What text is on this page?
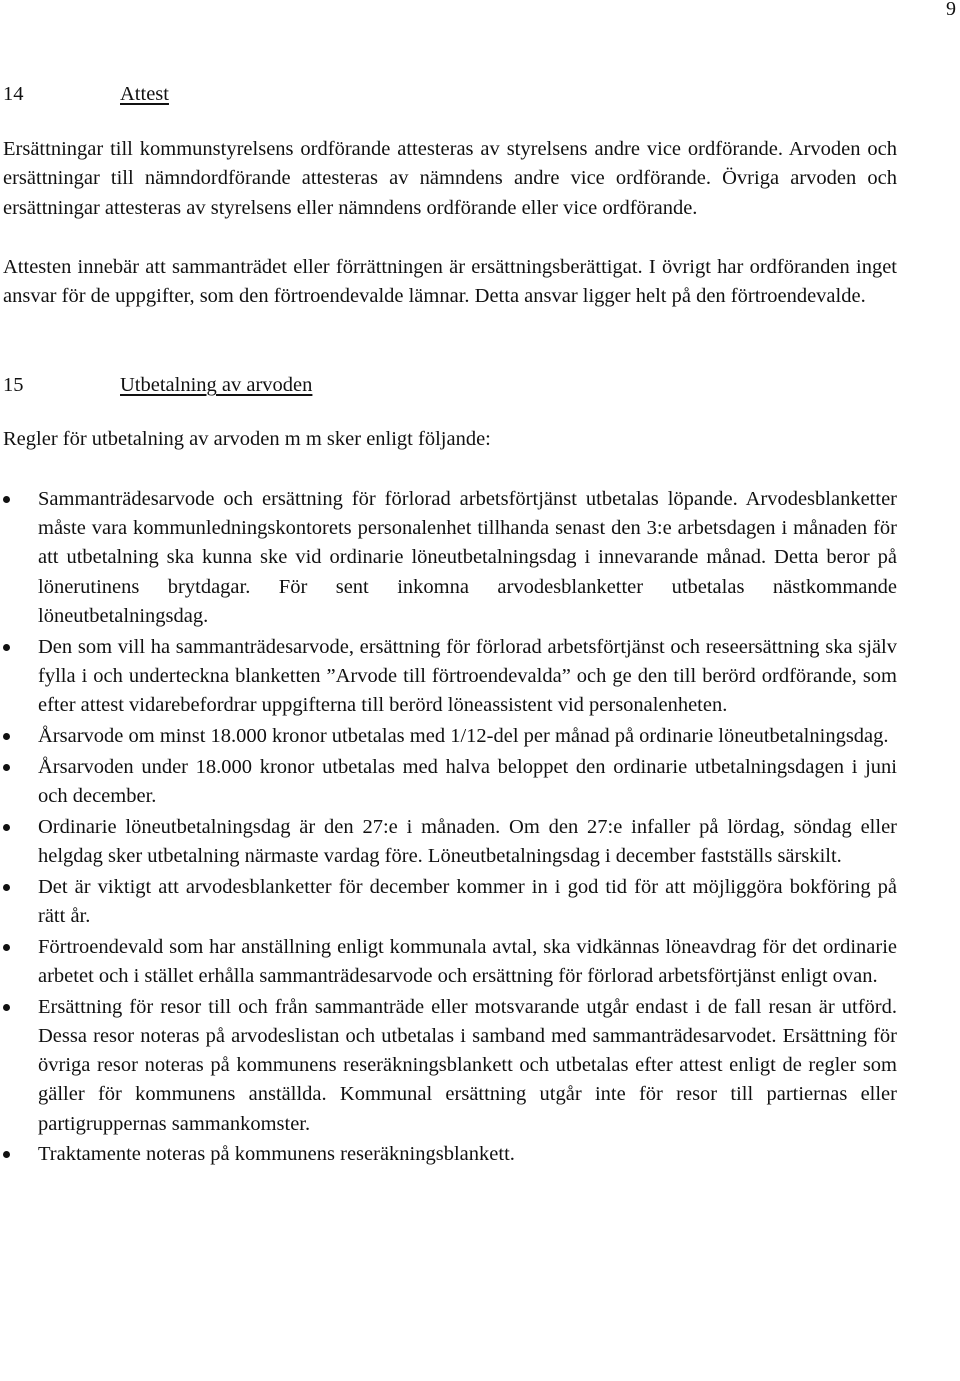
9
14	Attest

Ersättningar till kommunstyrelsens ordförande attesteras av styrelsens andre vice ordförande. Arvoden och ersättningar till nämndordförande attesteras av nämndens andre vice ordförande. Övriga arvoden och ersättningar attesteras av styrelsens eller nämndens ordförande eller vice ordförande.

Attesten innebär att sammanträdet eller förrättningen är ersättningsberättigat. I övrigt har ordföranden inget ansvar för de uppgifter, som den förtroendevalde lämnar. Detta ansvar ligger helt på den förtroendevalde.

15	Utbetalning av arvoden

Regler för utbetalning av arvoden m m sker enligt följande:

Sammanträdesarvode och ersättning för förlorad arbetsförtjänst utbetalas löpande. Arvodesblanketter måste vara kommunledningskontorets personalenhet tillhanda senast den 3:e arbetsdagen i månaden för att utbetalning ska kunna ske vid ordinarie löneutbetalningsdag i innevarande månad. Detta beror på lönerutinens brytdagar. För sent inkomna arvodesblanketter utbetalas nästkommande löneutbetalningsdag.
Den som vill ha sammanträdesarvode, ersättning för förlorad arbetsförtjänst och reseersättning ska själv fylla i och underteckna blanketten ”Arvode till förtroendevalda” och ge den till berörd ordförande, som efter attest vidarebefordrar uppgifterna till berörd löneassistent vid personalenheten.
Årsarvode om minst 18.000 kronor utbetalas med 1/12-del per månad på ordinarie löneutbetalningsdag.
Årsarvoden under 18.000 kronor utbetalas med halva beloppet den ordinarie utbetalningsdagen i juni och december.
Ordinarie löneutbetalningsdag är den 27:e i månaden. Om den 27:e infaller på lördag, söndag eller helgdag sker utbetalning närmaste vardag före. Löneutbetalningsdag i december fastställs särskilt.
Det är viktigt att arvodesblanketter för december kommer in i god tid för att möjliggöra bokföring på rätt år.
Förtroendevald som har anställning enligt kommunala avtal, ska vidkännas löneavdrag för det ordinarie arbetet och i stället erhålla sammanträdesarvode och ersättning för förlorad arbetsförtjänst enligt ovan.
Ersättning för resor till och från sammanträde eller motsvarande utgår endast i de fall resan är utförd. Dessa resor noteras på arvodeslistan och utbetalas i samband med sammanträdesarvodet. Ersättning för övriga resor noteras på kommunens reseräkningsblankett och utbetalas efter attest enligt de regler som gäller för kommunens anställda. Kommunal ersättning utgår inte för resor till partiernas eller partigruppernas sammankomster.
Traktamente noteras på kommunens reseräkningsblankett.
